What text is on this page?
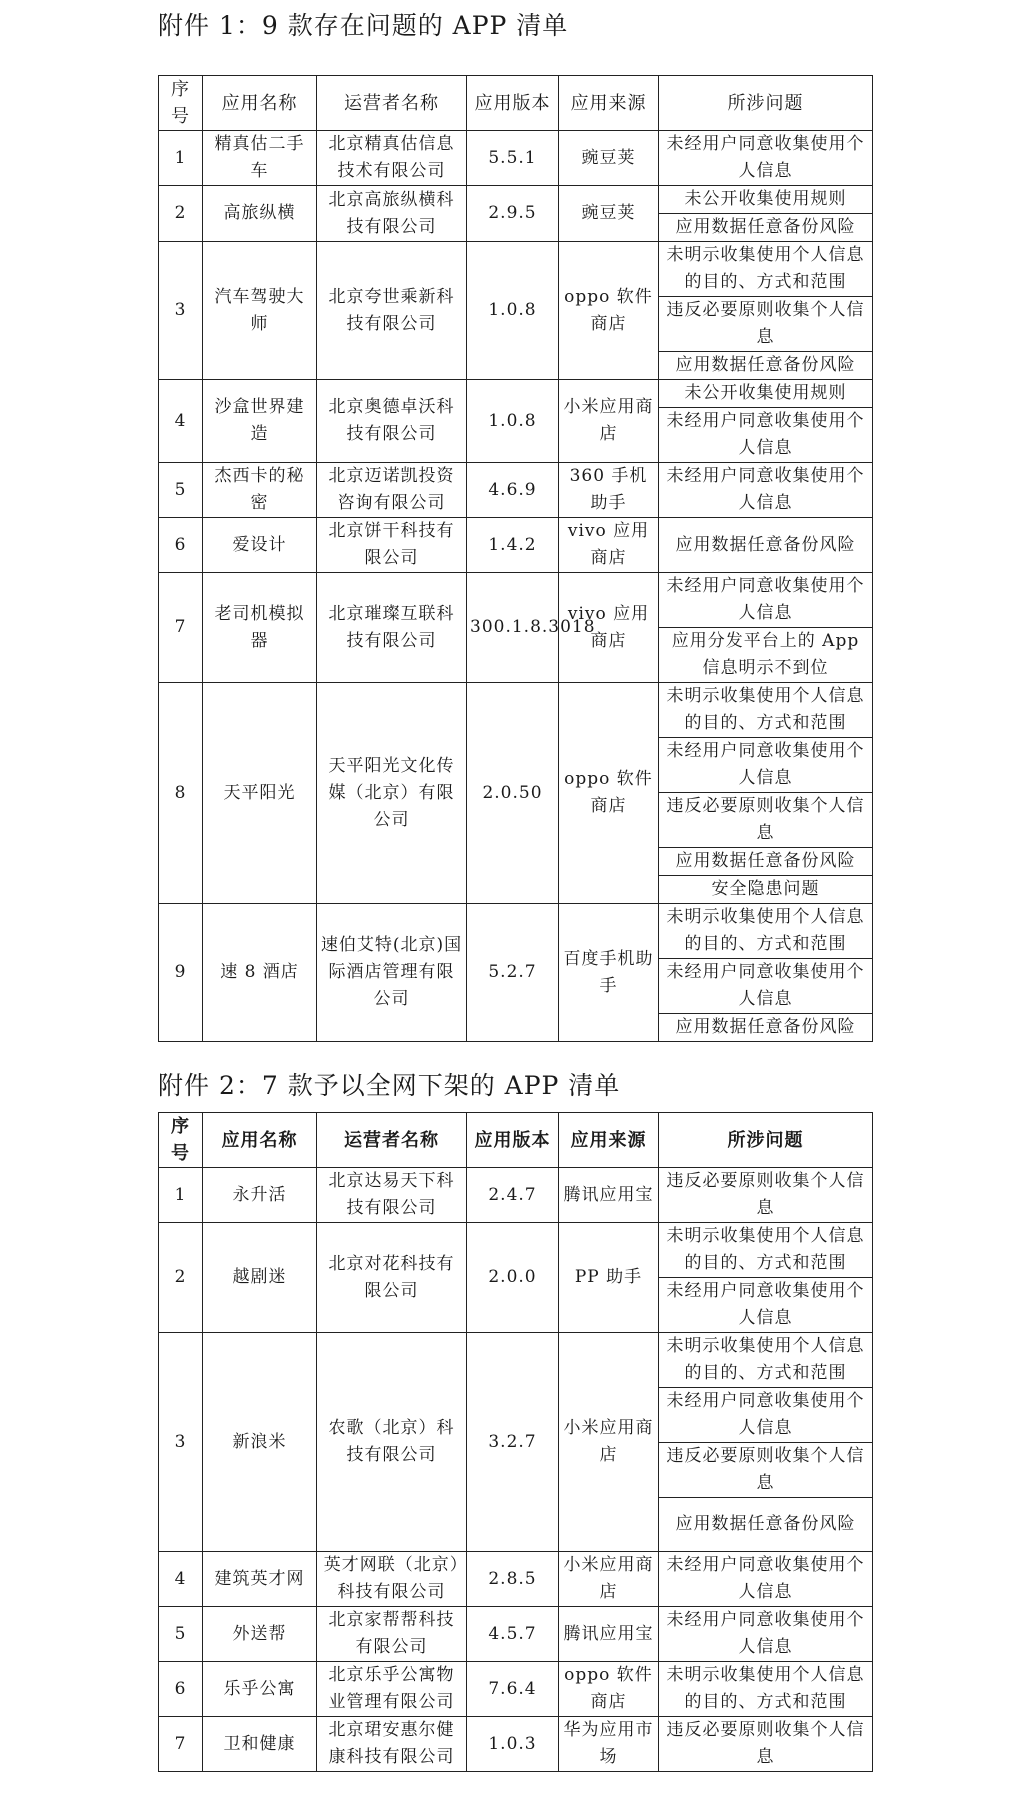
附件 1：9 款存在问题的 APP 清单
序号	应用名称	运营者名称	应用版本	应用来源	所涉问题
1	精真估二手车	北京精真估信息技术有限公司	5.5.1	豌豆荚	未经用户同意收集使用个人信息
2	高旅纵横	北京高旅纵横科技有限公司	2.9.5	豌豆荚	未公开收集使用规则
					应用数据任意备份风险
3	汽车驾驶大师	北京夸世乘新科技有限公司	1.0.8	oppo 软件商店	未明示收集使用个人信息的目的、方式和范围
					违反必要原则收集个人信息
					应用数据任意备份风险
4	沙盒世界建造	北京奥德卓沃科技有限公司	1.0.8	小米应用商店	未公开收集使用规则
					未经用户同意收集使用个人信息
5	杰西卡的秘密	北京迈诺凯投资咨询有限公司	4.6.9	360 手机助手	未经用户同意收集使用个人信息
6	爱设计	北京饼干科技有限公司	1.4.2	vivo 应用商店	应用数据任意备份风险
7	老司机模拟器	北京璀璨互联科技有限公司	300.1.8.3018	vivo 应用商店	未经用户同意收集使用个人信息
					应用分发平台上的 App 信息明示不到位
8	天平阳光	天平阳光文化传媒（北京）有限公司	2.0.50	oppo 软件商店	未明示收集使用个人信息的目的、方式和范围
					未经用户同意收集使用个人信息
					违反必要原则收集个人信息
					应用数据任意备份风险
					安全隐患问题
9	速 8 酒店	速伯艾特(北京)国际酒店管理有限公司	5.2.7	百度手机助手	未明示收集使用个人信息的目的、方式和范围
					未经用户同意收集使用个人信息
					应用数据任意备份风险
附件 2：7 款予以全网下架的 APP 清单
序号	应用名称	运营者名称	应用版本	应用来源	所涉问题
1	永升活	北京达易天下科技有限公司	2.4.7	腾讯应用宝	违反必要原则收集个人信息
2	越剧迷	北京对花科技有限公司	2.0.0	PP 助手	未明示收集使用个人信息的目的、方式和范围
					未经用户同意收集使用个人信息
3	新浪米	农歌（北京）科技有限公司	3.2.7	小米应用商店	未明示收集使用个人信息的目的、方式和范围
					未经用户同意收集使用个人信息
					违反必要原则收集个人信息
					应用数据任意备份风险
4	建筑英才网	英才网联（北京）科技有限公司	2.8.5	小米应用商店	未经用户同意收集使用个人信息
5	外送帮	北京家帮帮科技有限公司	4.5.7	腾讯应用宝	未经用户同意收集使用个人信息
6	乐乎公寓	北京乐乎公寓物业管理有限公司	7.6.4	oppo 软件商店	未明示收集使用个人信息的目的、方式和范围
7	卫和健康	北京珺安惠尔健康科技有限公司	1.0.3	华为应用市场	违反必要原则收集个人信息
